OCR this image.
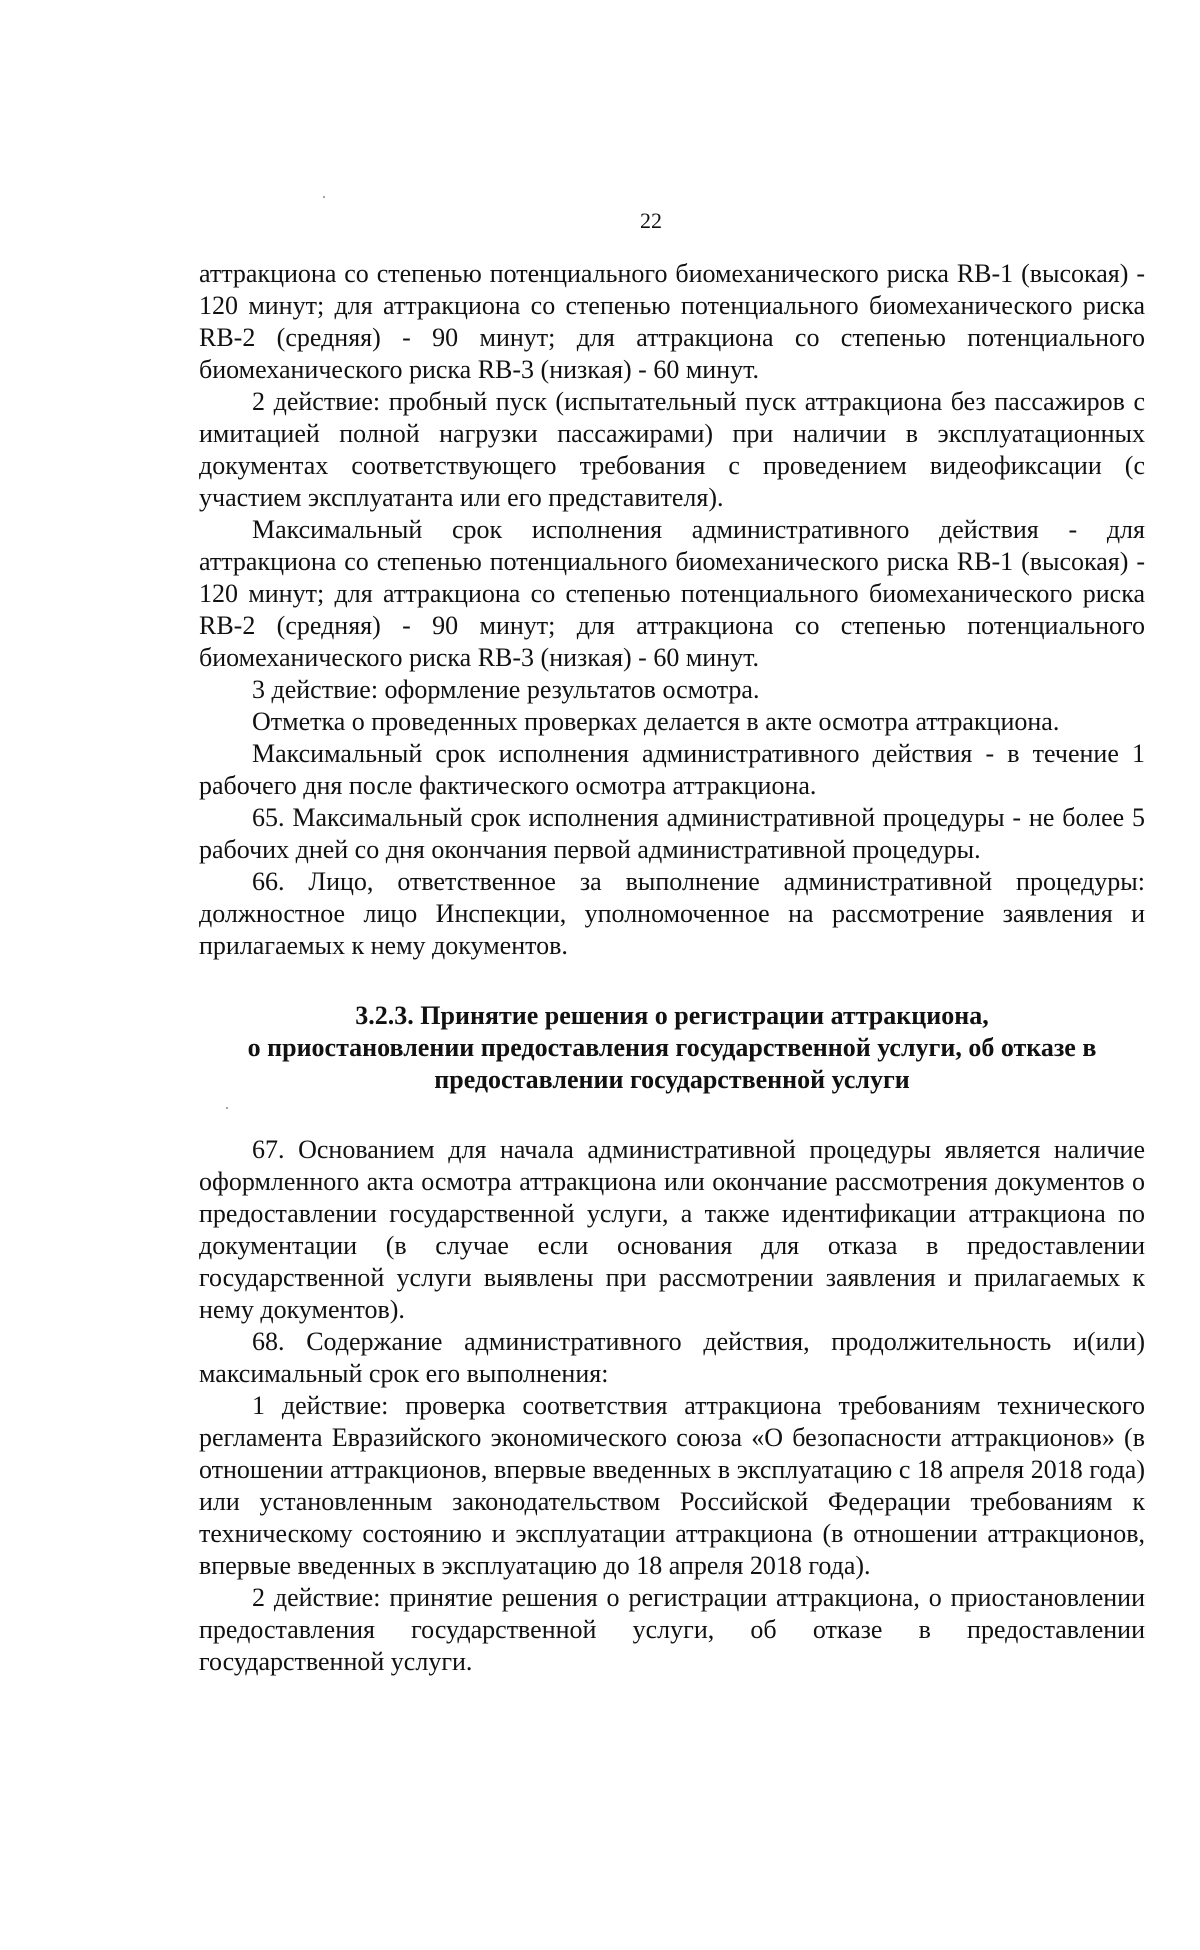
22

аттракциона со степенью потенциального биомеханического риска RB-1 (высокая) - 120 минут; для аттракциона со степенью потенциального биомеханического риска RB-2 (средняя) - 90 минут; для аттракциона со степенью потенциального биомеханического риска RB-3 (низкая) - 60 минут.

2 действие: пробный пуск (испытательный пуск аттракциона без пассажиров с имитацией полной нагрузки пассажирами) при наличии в эксплуатационных документах соответствующего требования с проведением видеофиксации (с участием эксплуатанта или его представителя).

Максимальный срок исполнения административного действия - для аттракциона со степенью потенциального биомеханического риска RB-1 (высокая) - 120 минут; для аттракциона со степенью потенциального биомеханического риска RB-2 (средняя) - 90 минут; для аттракциона со степенью потенциального биомеханического риска RB-3 (низкая) - 60 минут.

3 действие: оформление результатов осмотра.

Отметка о проведенных проверках делается в акте осмотра аттракциона.

Максимальный срок исполнения административного действия - в течение 1 рабочего дня после фактического осмотра аттракциона.

65. Максимальный срок исполнения административной процедуры - не более 5 рабочих дней со дня окончания первой административной процедуры.

66. Лицо, ответственное за выполнение административной процедуры: должностное лицо Инспекции, уполномоченное на рассмотрение заявления и прилагаемых к нему документов.

3.2.3. Принятие решения о регистрации аттракциона,
о приостановлении предоставления государственной услуги, об отказе в
предоставлении государственной услуги

67. Основанием для начала административной процедуры является наличие оформленного акта осмотра аттракциона или окончание рассмотрения документов о предоставлении государственной услуги, а также идентификации аттракциона по документации (в случае если основания для отказа в предоставлении государственной услуги выявлены при рассмотрении заявления и прилагаемых к нему документов).

68. Содержание административного действия, продолжительность и(или) максимальный срок его выполнения:

1 действие: проверка соответствия аттракциона требованиям технического регламента Евразийского экономического союза «О безопасности аттракционов» (в отношении аттракционов, впервые введенных в эксплуатацию с 18 апреля 2018 года) или установленным законодательством Российской Федерации требованиям к техническому состоянию и эксплуатации аттракциона (в отношении аттракционов, впервые введенных в эксплуатацию до 18 апреля 2018 года).

2 действие: принятие решения о регистрации аттракциона, о приостановлении предоставления государственной услуги, об отказе в предоставлении государственной услуги.
